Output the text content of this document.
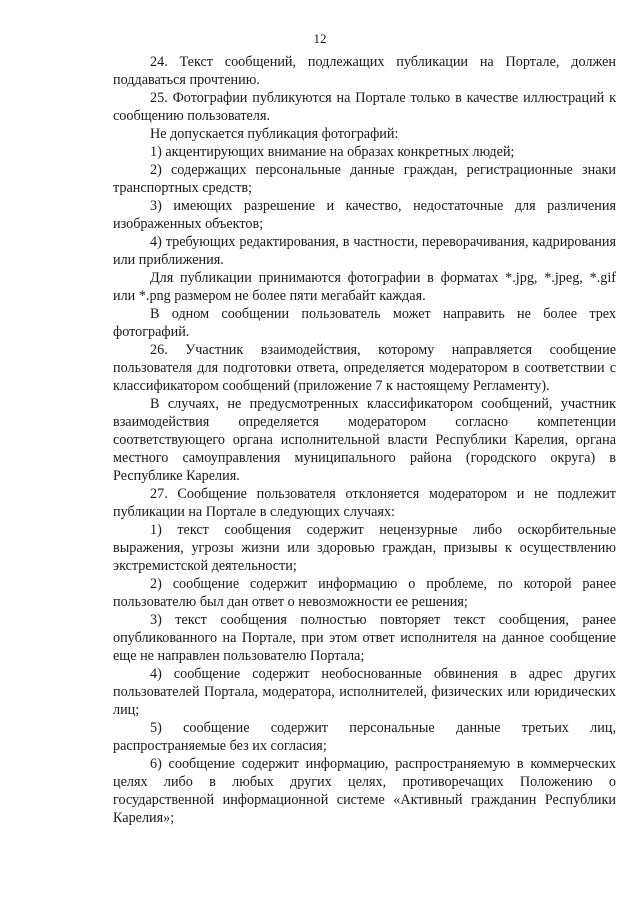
12

24. Текст сообщений, подлежащих публикации на Портале, должен поддаваться прочтению.

25. Фотографии публикуются на Портале только в качестве иллюстраций к сообщению пользователя.

Не допускается публикация фотографий:

1) акцентирующих внимание на образах конкретных людей;

2) содержащих персональные данные граждан, регистрационные знаки транспортных средств;

3) имеющих разрешение и качество, недостаточные для различения изображенных объектов;

4) требующих редактирования, в частности, переворачивания, кадрирования или приближения.

Для публикации принимаются фотографии в форматах *.jpg, *.jpeg, *.gif или *.png размером не более пяти мегабайт каждая.

В одном сообщении пользователь может направить не более трех фотографий.

26. Участник взаимодействия, которому направляется сообщение пользователя для подготовки ответа, определяется модератором в соответствии с классификатором сообщений (приложение 7 к настоящему Регламенту).

В случаях, не предусмотренных классификатором сообщений, участник взаимодействия определяется модератором согласно компетенции соответствующего органа исполнительной власти Республики Карелия, органа местного самоуправления муниципального района (городского округа) в Республике Карелия.

27. Сообщение пользователя отклоняется модератором и не подлежит публикации на Портале в следующих случаях:

1) текст сообщения содержит нецензурные либо оскорбительные выражения, угрозы жизни или здоровью граждан, призывы к осуществлению экстремистской деятельности;

2) сообщение содержит информацию о проблеме, по которой ранее пользователю был дан ответ о невозможности ее решения;

3) текст сообщения полностью повторяет текст сообщения, ранее опубликованного на Портале, при этом ответ исполнителя на данное сообщение еще не направлен пользователю Портала;

4) сообщение содержит необоснованные обвинения в адрес других пользователей Портала, модератора, исполнителей, физических или юридических лиц;

5) сообщение содержит персональные данные третьих лиц, распространяемые без их согласия;

6) сообщение содержит информацию, распространяемую в коммерческих целях либо в любых других целях, противоречащих Положению о государственной информационной системе «Активный гражданин Республики Карелия»;
